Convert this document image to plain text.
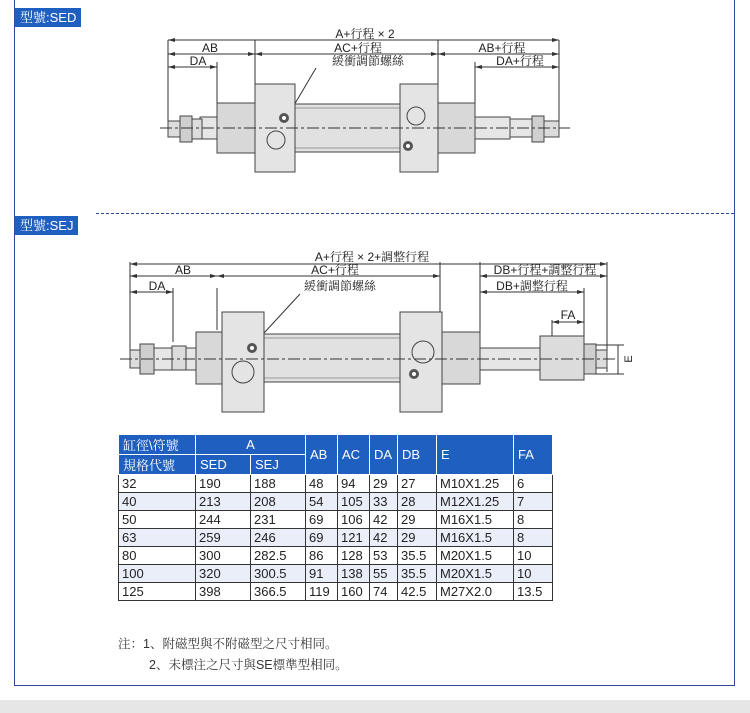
型號:SED
型號:SEJ
A+行程 × 2
AB	AC+行程	AB+行程
DA	DA+行程
緩衝調節螺絲
A+行程 × 2+調整行程
AB	AC+行程	DB+行程+調整行程
DA	緩衝調節螺絲	DB+調整行程
FA
E
缸徑\符號	A		AB	AC	DA	DB	E	FA
規格代號	SED	SEJ						
32	190	188	48	94	29	27	M10X1.25	6
40	213	208	54	105	33	28	M12X1.25	7
50	244	231	69	106	42	29	M16X1.5	8
63	259	246	69	121	42	29	M16X1.5	8
80	300	282.5	86	128	53	35.5	M20X1.5	10
100	320	300.5	91	138	55	35.5	M20X1.5	10
125	398	366.5	119	160	74	42.5	M27X2.0	13.5
注：1、附磁型與不附磁型之尺寸相同。
2、未標注之尺寸與SE標準型相同。
